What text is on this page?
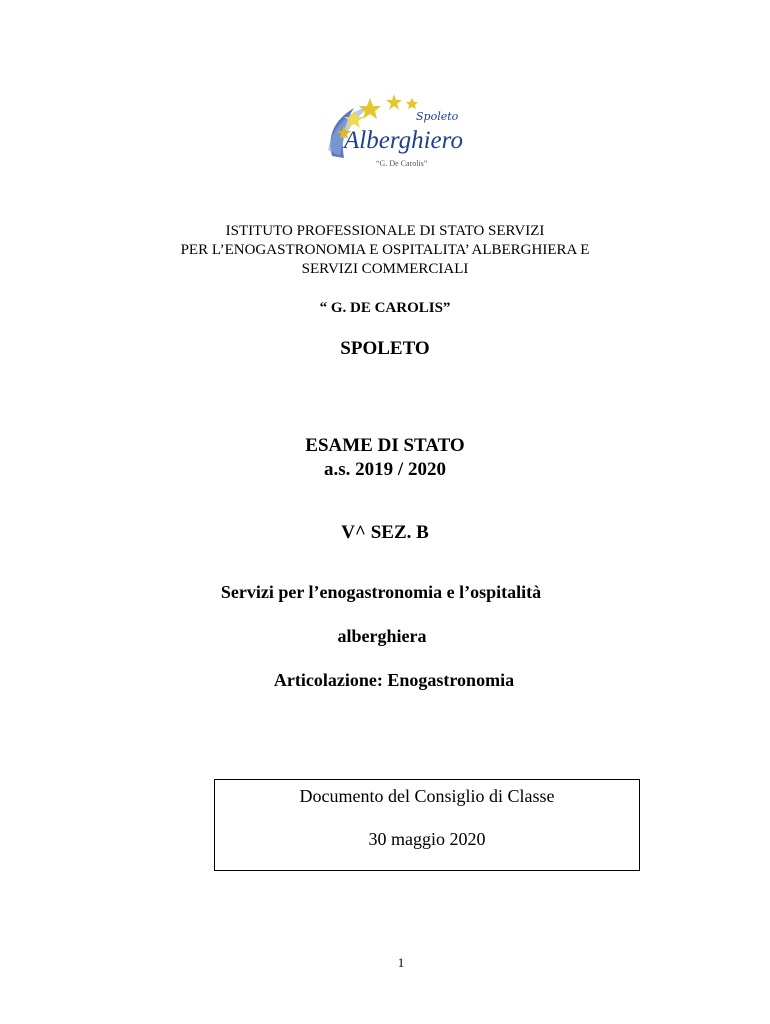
Spoleto
Alberghiero
“G. De Carolis”
ISTITUTO PROFESSIONALE DI STATO SERVIZI
PER L’ENOGASTRONOMIA E OSPITALITA’ ALBERGHIERA E
SERVIZI COMMERCIALI
“ G. DE CAROLIS”
SPOLETO
ESAME DI STATO
a.s. 2019 / 2020
V^ SEZ. B
Servizi per l’enogastronomia e l’ospitalità
alberghiera
Articolazione: Enogastronomia
Documento del Consiglio di Classe
30 maggio 2020
1
